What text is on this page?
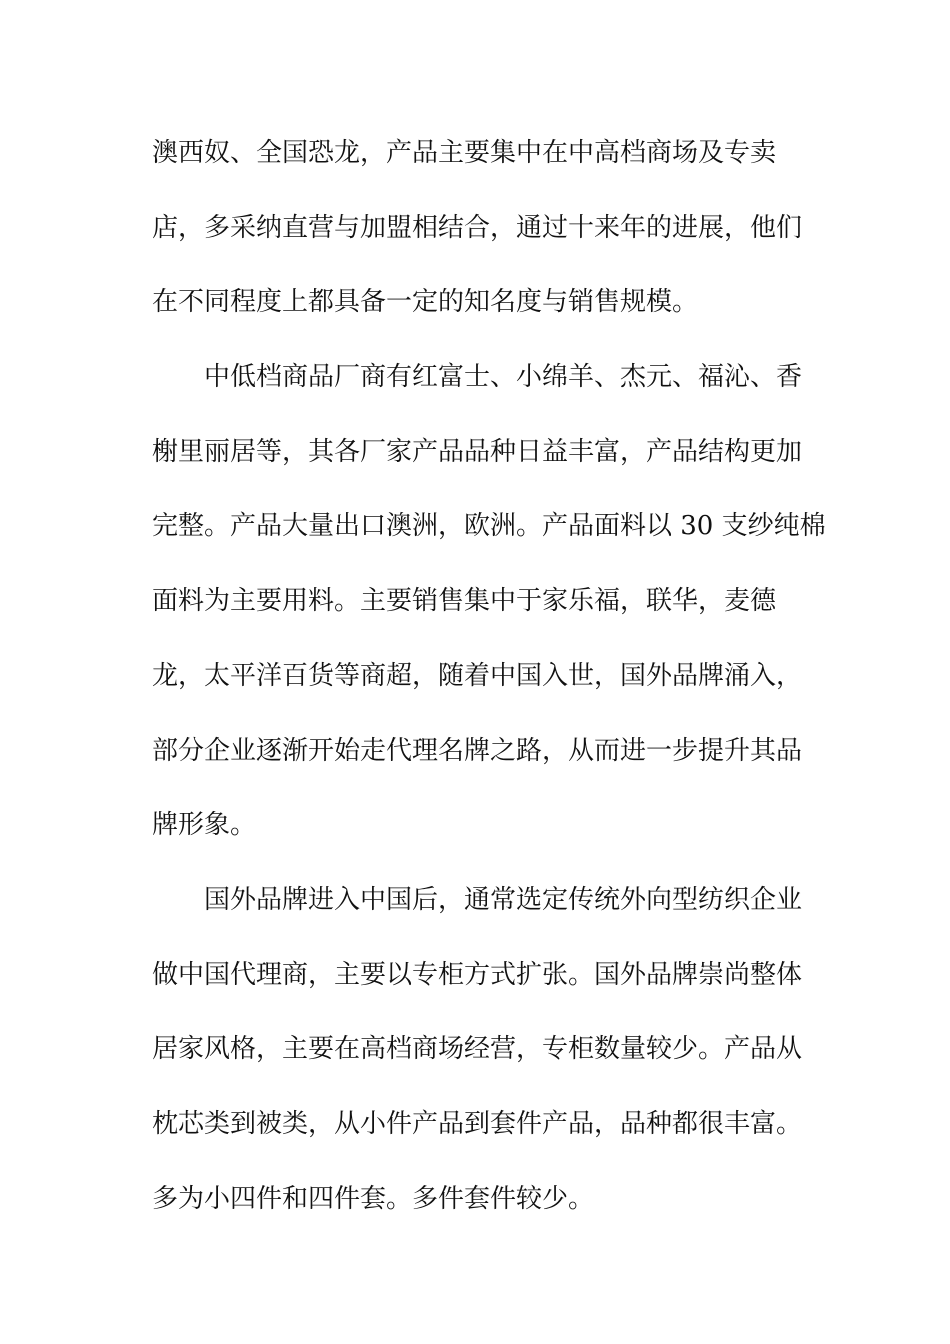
澳西奴、全国恐龙，产品主要集中在中高档商场及专卖
店，多采纳直营与加盟相结合，通过十来年的进展，他们
在不同程度上都具备一定的知名度与销售规模。
中低档商品厂商有红富士、小绵羊、杰元、福沁、香
榭里丽居等，其各厂家产品品种日益丰富，产品结构更加
完整。产品大量出口澳洲，欧洲。产品面料以 30 支纱纯棉
面料为主要用料。主要销售集中于家乐福，联华，麦德
龙，太平洋百货等商超，随着中国入世，国外品牌涌入，
部分企业逐渐开始走代理名牌之路，从而进一步提升其品
牌形象。
国外品牌进入中国后，通常选定传统外向型纺织企业
做中国代理商，主要以专柜方式扩张。国外品牌崇尚整体
居家风格，主要在高档商场经营，专柜数量较少。产品从
枕芯类到被类，从小件产品到套件产品，品种都很丰富。
多为小四件和四件套。多件套件较少。
